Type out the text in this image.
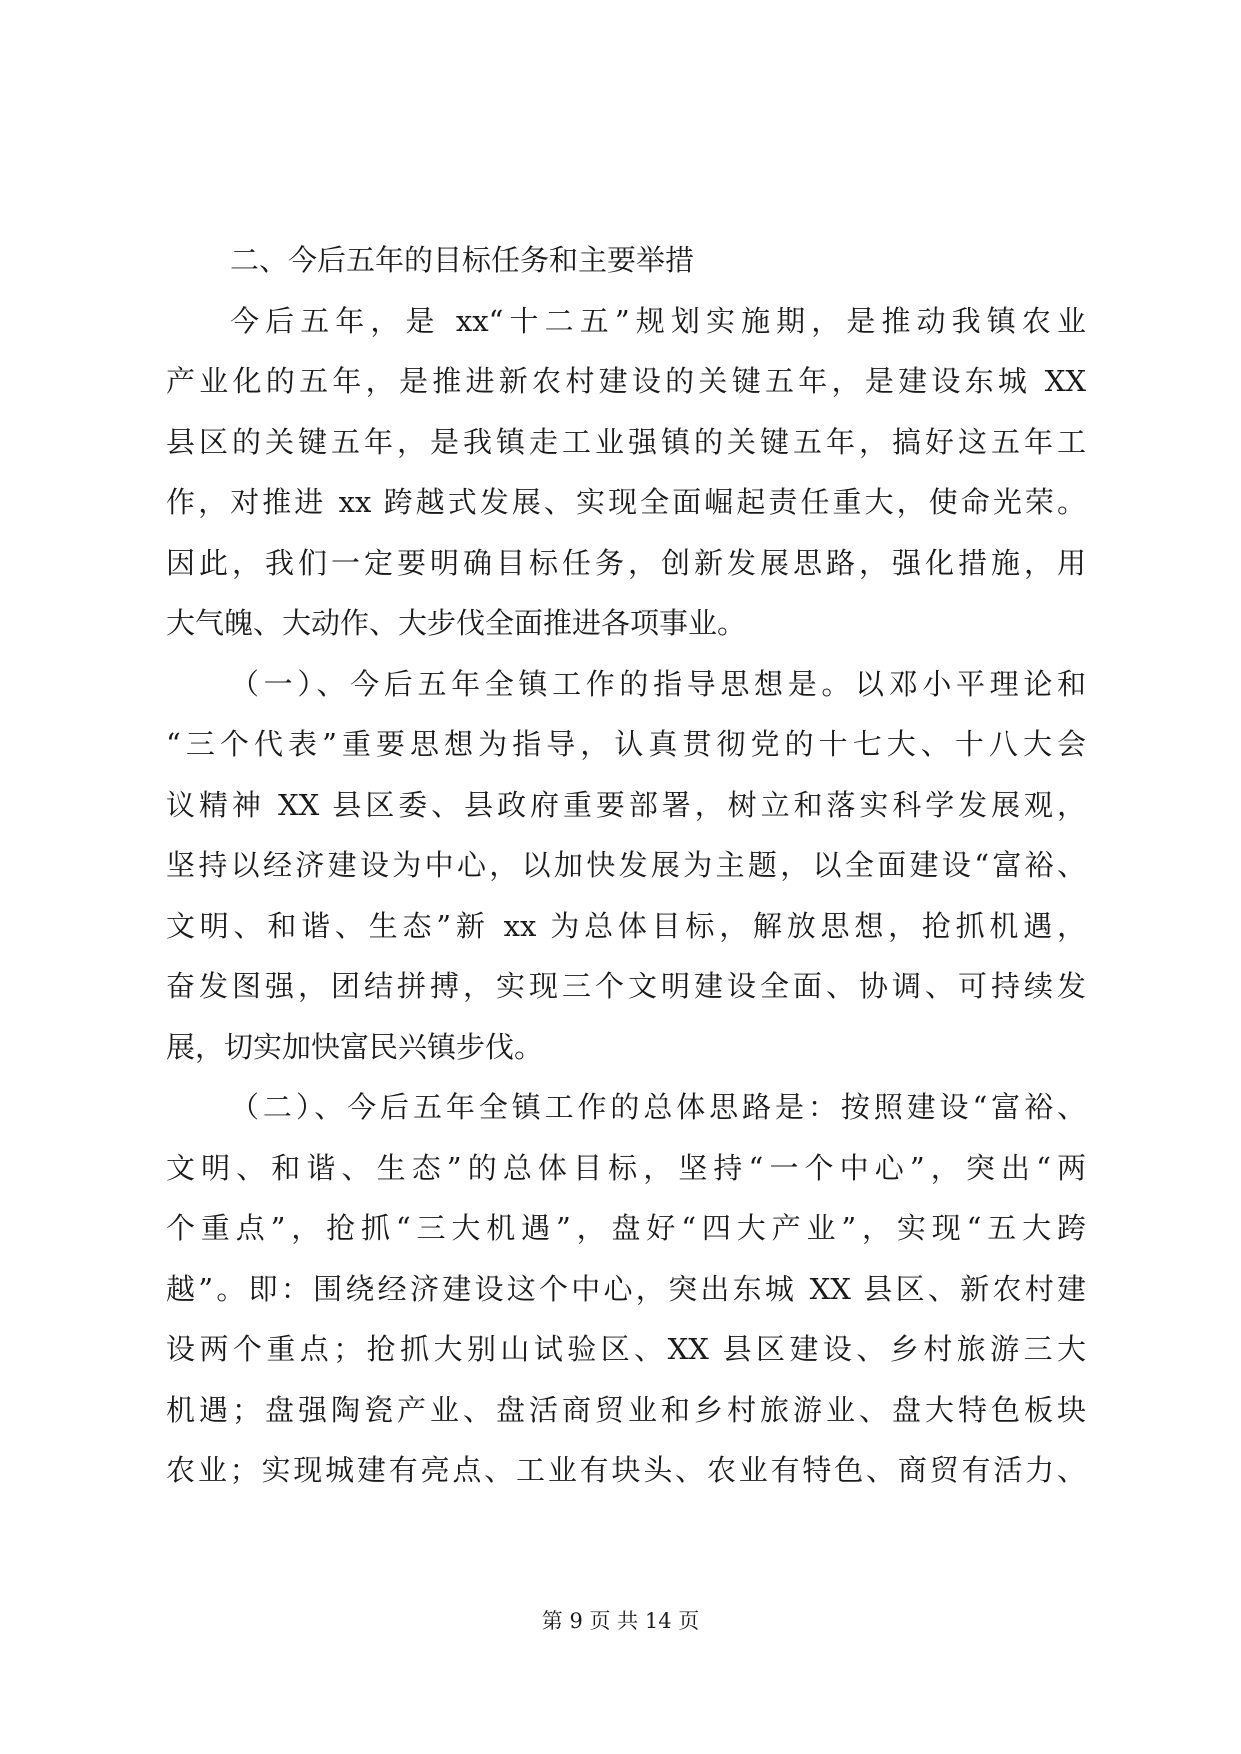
二、今后五年的目标任务和主要举措
今后五年，是 xx“十二五”规划实施期，是推动我镇农业
产业化的五年，是推进新农村建设的关键五年，是建设东城 XX
县区的关键五年，是我镇走工业强镇的关键五年，搞好这五年工
作，对推进 xx 跨越式发展、实现全面崛起责任重大，使命光荣。
因此，我们一定要明确目标任务，创新发展思路，强化措施，用
大气魄、大动作、大步伐全面推进各项事业。
（一）、今后五年全镇工作的指导思想是。以邓小平理论和
“三个代表”重要思想为指导，认真贯彻党的十七大、十八大会
议精神 XX 县区委、县政府重要部署，树立和落实科学发展观，
坚持以经济建设为中心，以加快发展为主题，以全面建设“富裕、
文明、和谐、生态”新 xx 为总体目标，解放思想，抢抓机遇，
奋发图强，团结拼搏，实现三个文明建设全面、协调、可持续发
展，切实加快富民兴镇步伐。
（二）、今后五年全镇工作的总体思路是：按照建设“富裕、
文明、和谐、生态”的总体目标，坚持“一个中心”，突出“两
个重点”，抢抓“三大机遇”，盘好“四大产业”，实现“五大跨
越”。即：围绕经济建设这个中心，突出东城 XX 县区、新农村建
设两个重点；抢抓大别山试验区、XX 县区建设、乡村旅游三大
机遇；盘强陶瓷产业、盘活商贸业和乡村旅游业、盘大特色板块
农业；实现城建有亮点、工业有块头、农业有特色、商贸有活力、
第 9 页 共 14 页
